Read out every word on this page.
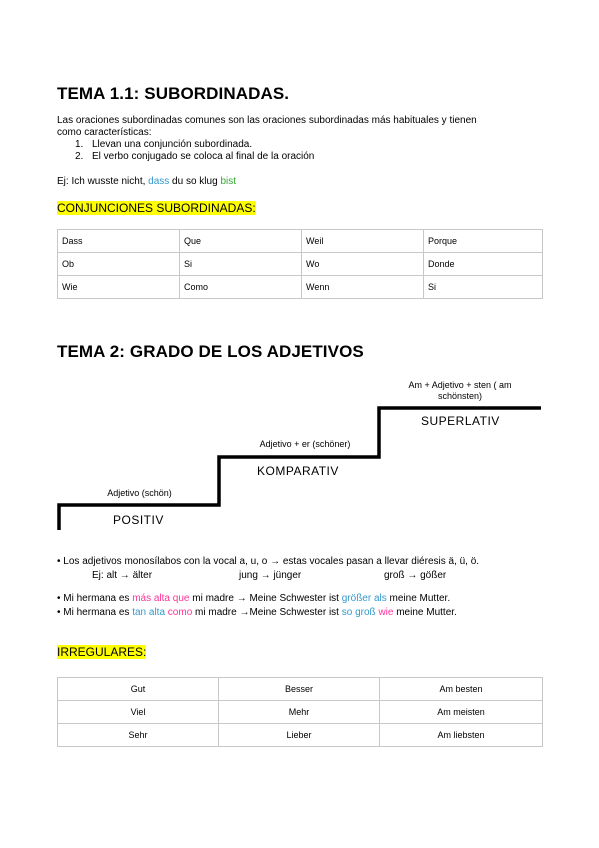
TEMA 1.1: SUBORDINADAS.
Las oraciones subordinadas comunes son las oraciones subordinadas más habituales y tienen
como características:
1. Llevan una conjunción subordinada.
2. El verbo conjugado se coloca al final de la oración
Ej: Ich wusste nicht, dass du so klug bist
CONJUNCIONES SUBORDINADAS:
Dass	Que	Weil	Porque
Ob	Si	Wo	Donde
Wie	Como	Wenn	Si
TEMA 2: GRADO DE LOS ADJETIVOS
Am + Adjetivo + sten ( am schönsten)
SUPERLATIV
Adjetivo + er (schöner)
KOMPARATIV
Adjetivo (schön)
POSITIV
• Los adjetivos monosílabos con la vocal a, u, o → estas vocales pasan a llevar diéresis ä, ü, ö.
Ej: alt → älter	jung → jünger	groß → gößer
• Mi hermana es más alta que mi madre → Meine Schwester ist größer als meine Mutter.
• Mi hermana es tan alta como mi madre →Meine Schwester ist so groß wie meine Mutter.
IRREGULARES:
Gut	Besser	Am besten
Viel	Mehr	Am meisten
Sehr	Lieber	Am liebsten
